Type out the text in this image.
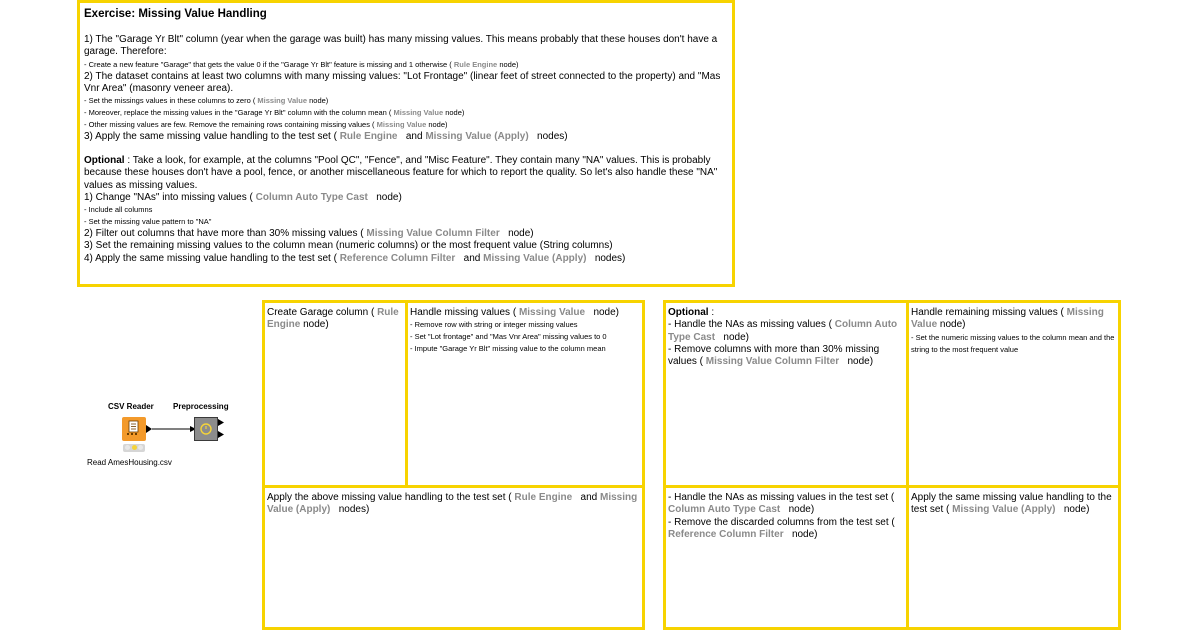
Exercise: Missing Value Handling

1) The "Garage Yr Blt" column (year when the garage was built) has many missing values. This means probably that these houses don't have a garage. Therefore:

- Create a new feature "Garage" that gets the value 0 if the "Garage Yr Blt" feature is missing and 1 otherwise ( Rule Engine node)

2) The dataset contains at least two columns with many missing values: "Lot Frontage" (linear feet of street connected to the property) and "Mas Vnr Area" (masonry veneer area).

- Set the missings values in these columns to zero ( Missing Value node)

- Moreover, replace the missing values in the "Garage Yr Blt" column with the column mean ( Missing Value node)

- Other missing values are few. Remove the remaining rows containing missing values ( Missing Value node)

3) Apply the same missing value handling to the test set ( Rule Engine and Missing Value (Apply) nodes)

Optional : Take a look, for example, at the columns "Pool QC", "Fence", and "Misc Feature". They contain many "NA" values. This is probably because these houses don't have a pool, fence, or another miscellaneous feature for which to report the quality. So let's also handle these "NA" values as missing values.

1) Change "NAs" into missing values ( Column Auto Type Cast node)

- Include all columns

- Set the missing value pattern to "NA"

2) Filter out columns that have more than 30% missing values ( Missing Value Column Filter node)

3) Set the remaining missing values to the column mean (numeric columns) or the most frequent value (String columns)

4) Apply the same missing value handling to the test set ( Reference Column Filter and Missing Value (Apply) nodes)

Create Garage column ( Rule Engine node)

Handle missing values ( Missing Value node)

- Remove row with string or integer missing values

- Set "Lot frontage" and "Mas Vnr Area" missing values to 0

- Impute "Garage Yr Blt" missing value to the column mean

Apply the above missing value handling to the test set ( Rule Engine and Missing Value (Apply) nodes)

Optional :

- Handle the NAs as missing values ( Column Auto Type Cast node)

- Remove columns with more than 30% missing values ( Missing Value Column Filter node)

Handle remaining missing values ( Missing Value node)

- Set the numeric missing values to the column mean and the string to the most frequent value

- Handle the NAs as missing values in the test set ( Column Auto Type Cast node)

- Remove the discarded columns from the test set ( Reference Column Filter node)

Apply the same missing value handling to the test set ( Missing Value (Apply) node)

CSV Reader
Read AmesHousing.csv
Preprocessing
